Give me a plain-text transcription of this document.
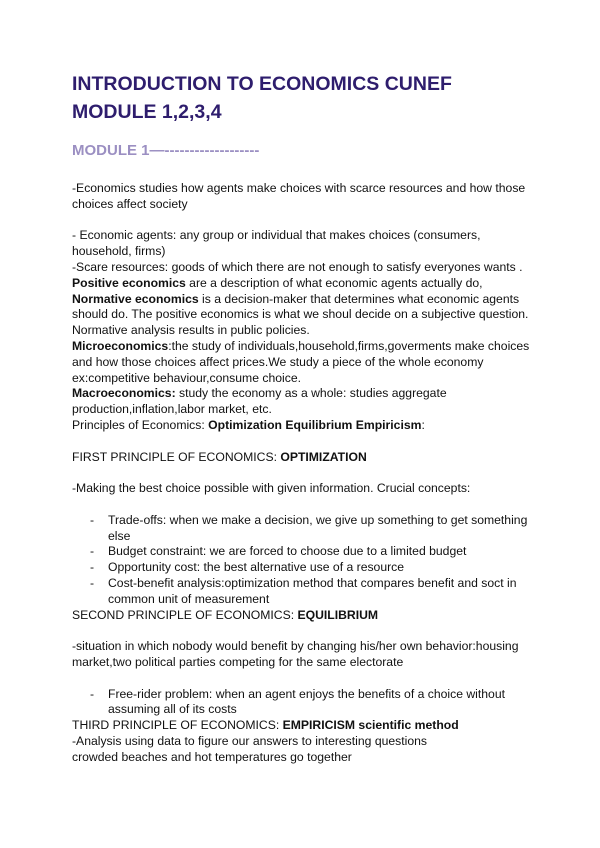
INTRODUCTION TO ECONOMICS CUNEF
MODULE 1,2,3,4
MODULE 1—-------------------

-Economics studies how agents make choices with scarce resources and how those choices affect society

- Economic agents: any group or individual that makes choices (consumers, household, firms)

-Scare resources: goods of which there are not enough to satisfy everyones wants .

Positive economics are a description of what economic agents actually do,

Normative economics is a decision-maker that determines what economic agents should do. The positive economics is what we shoul decide on a subjective question. Normative analysis results in public policies.

Microeconomics:the study of individuals,household,firms,goverments make choices and how those choices affect prices.We study a piece of the whole economy ex:competitive behaviour,consume choice.

Macroeconomics: study the economy as a whole: studies aggregate production,inflation,labor market, etc.

Principles of Economics: Optimization Equilibrium Empiricism:

FIRST PRINCIPLE OF ECONOMICS: OPTIMIZATION

-Making the best choice possible with given information. Crucial concepts:

- Trade-offs: when we make a decision, we give up something to get something else
- Budget constraint: we are forced to choose due to a limited budget
- Opportunity cost: the best alternative use of a resource
- Cost-benefit analysis:optimization method that compares benefit and soct in common unit of measurement

SECOND PRINCIPLE OF ECONOMICS: EQUILIBRIUM

-situation in which nobody would benefit by changing his/her own behavior:housing market,two political parties competing for the same electorate

- Free-rider problem: when an agent enjoys the benefits of a choice without assuming all of its costs

THIRD PRINCIPLE OF ECONOMICS: EMPIRICISM scientific method

-Analysis using data to figure our answers to interesting questions

crowded beaches and hot temperatures go together
